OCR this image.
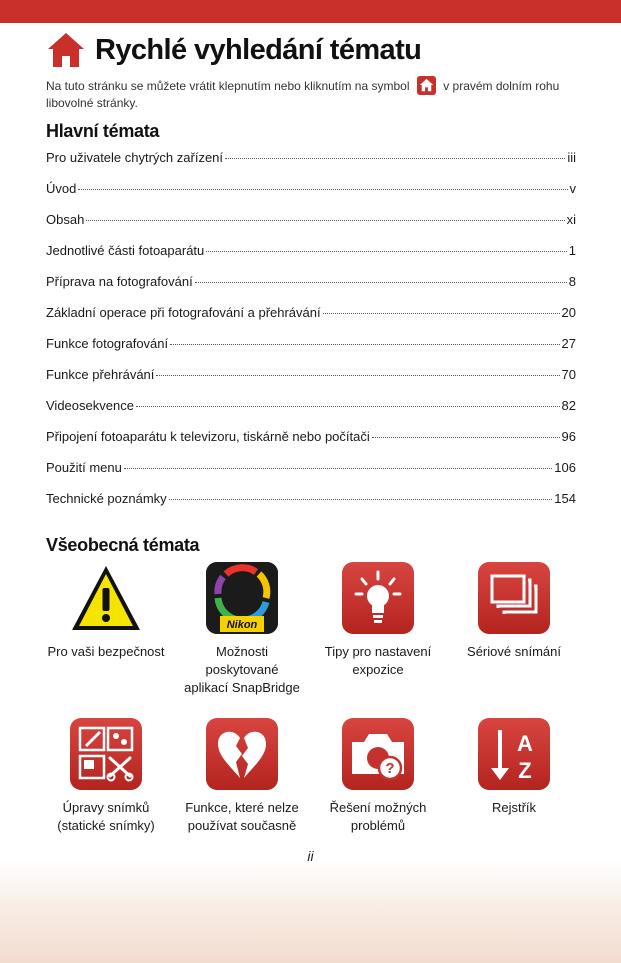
Rychlé vyhledání tématu
Na tuto stránku se můžete vrátit klepnutím nebo kliknutím na symbol	v pravém dolním rohu libovolné stránky.
Hlavní témata
Pro uživatele chytrých zařízení	iii
Úvod	v
Obsah	xi
Jednotlivé části fotoaparátu	1
Příprava na fotografování	8
Základní operace při fotografování a přehrávání	20
Funkce fotografování	27
Funkce přehrávání	70
Videosekvence	82
Připojení fotoaparátu k televizoru, tiskárně nebo počítači	96
Použití menu	106
Technické poznámky	154
Všeobecná témata
Pro vaši bezpečnost
Nikon
Možnosti poskytované aplikací SnapBridge
Tipy pro nastavení expozice
Sériové snímání
Úpravy snímků (statické snímky)
Funkce, které nelze používat současně
?
Řešení možných problémů
A
Z
Rejstřík
ii
